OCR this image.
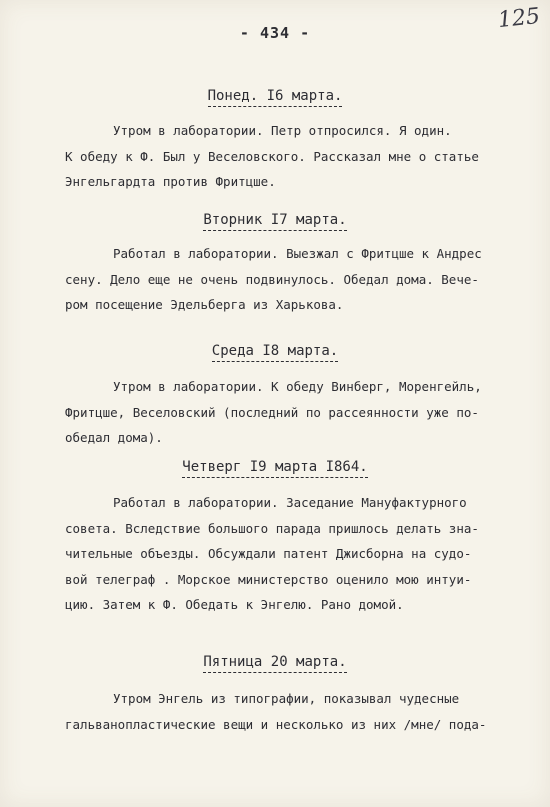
- 434 -	125
Понед. I6 марта.
Утром в лаборатории. Петр отпросился. Я один.
К обеду к Ф. Был у Веселовского. Рассказал мне о статье
Энгельгардта против Фритцше.
Вторник I7 марта.
Работал в лаборатории. Выезжал с Фритцше к Андрес
сену. Дело еще не очень подвинулось. Обедал дома. Вече-
ром посещение Эдельберга из Харькова.
Среда I8 марта.
Утром в лаборатории. К обеду Винберг, Моренгейль,
Фритцше, Веселовский (последний по рассеянности уже по-
обедал дома).
Четверг I9 марта I864.
Работал в лаборатории. Заседание Мануфактурного
совета. Вследствие большого парада пришлось делать зна-
чительные объезды. Обсуждали патент Джисборна на судо-
вой телеграф . Морское министерство оценило мою интуи-
цию. Затем к Ф. Обедать к Энгелю. Рано домой.
Пятница 20 марта.
Утром Энгель из типографии, показывал чудесные
гальванопластические вещи и несколько из них /мне/ пода-
